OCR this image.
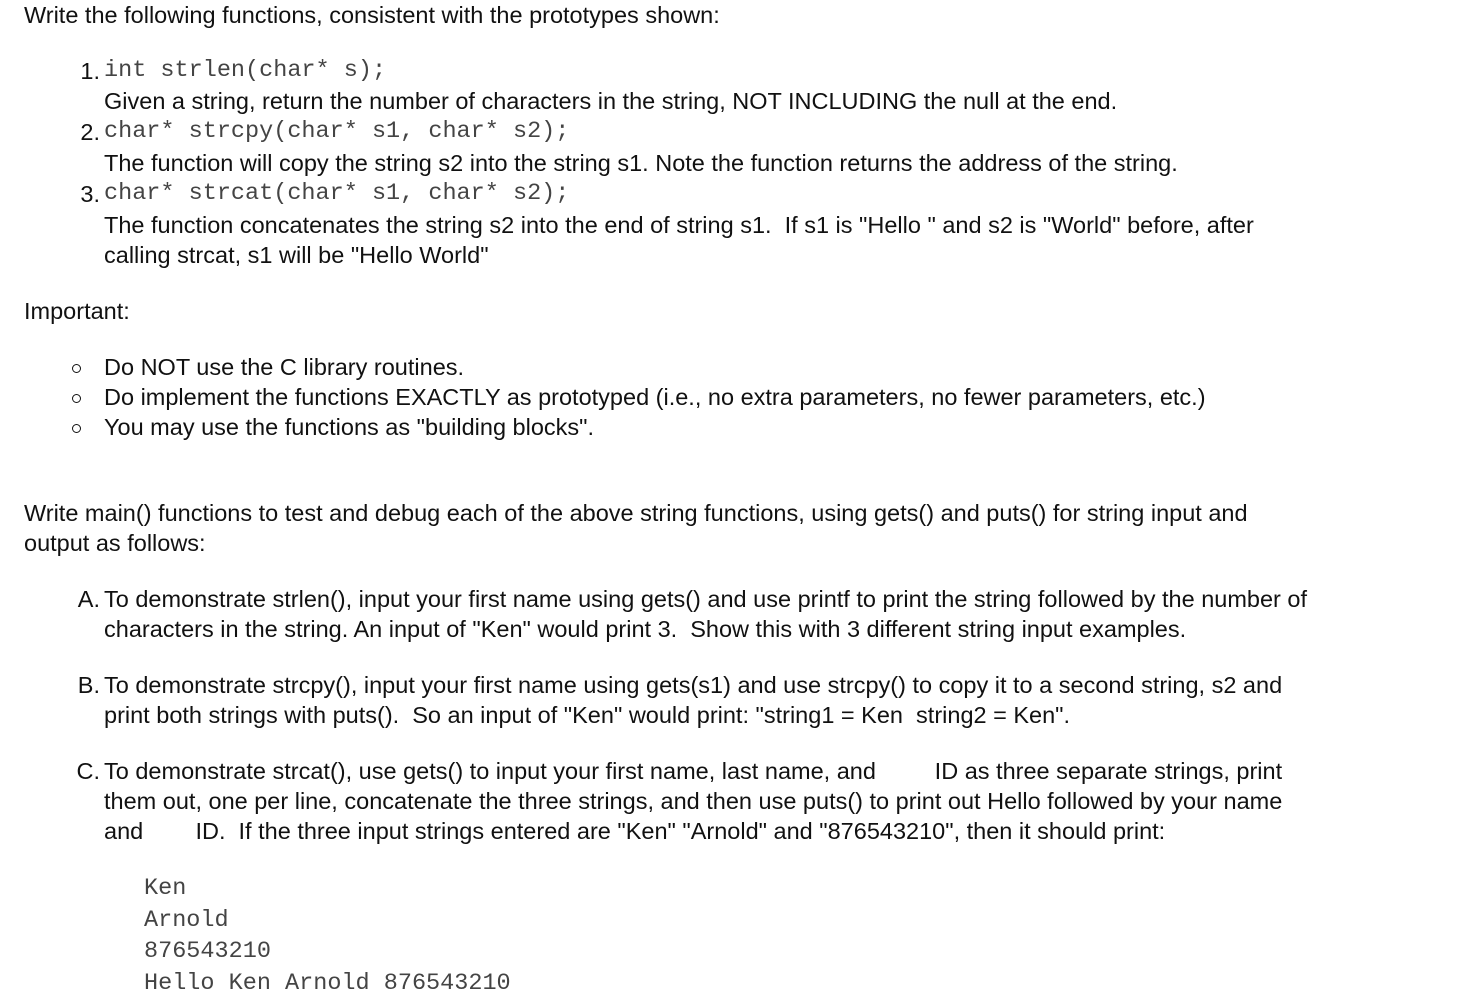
Write the following functions, consistent with the prototypes shown:
1. int strlen(char* s);
Given a string, return the number of characters in the string, NOT INCLUDING the null at the end.
2. char* strcpy(char* s1, char* s2);
The function will copy the string s2 into the string s1. Note the function returns the address of the string.
3. char* strcat(char* s1, char* s2);
The function concatenates the string s2 into the end of string s1.  If s1 is "Hello " and s2 is "World" before, after
calling strcat, s1 will be "Hello World"
Important:
Do NOT use the C library routines.
Do implement the functions EXACTLY as prototyped (i.e., no extra parameters, no fewer parameters, etc.)
You may use the functions as "building blocks".
Write main() functions to test and debug each of the above string functions, using gets() and puts() for string input and
output as follows:
A. To demonstrate strlen(), input your first name using gets() and use printf to print the string followed by the number of
characters in the string. An input of "Ken" would print 3.  Show this with 3 different string input examples.
B. To demonstrate strcpy(), input your first name using gets(s1) and use strcpy() to copy it to a second string, s2 and
print both strings with puts().  So an input of "Ken" would print: "string1 = Ken  string2 = Ken".
C. To demonstrate strcat(), use gets() to input your first name, last name, and         ID as three separate strings, print
them out, one per line, concatenate the three strings, and then use puts() to print out Hello followed by your name
and        ID.  If the three input strings entered are "Ken" "Arnold" and "876543210", then it should print:
Ken
Arnold
876543210
Hello Ken Arnold 876543210
